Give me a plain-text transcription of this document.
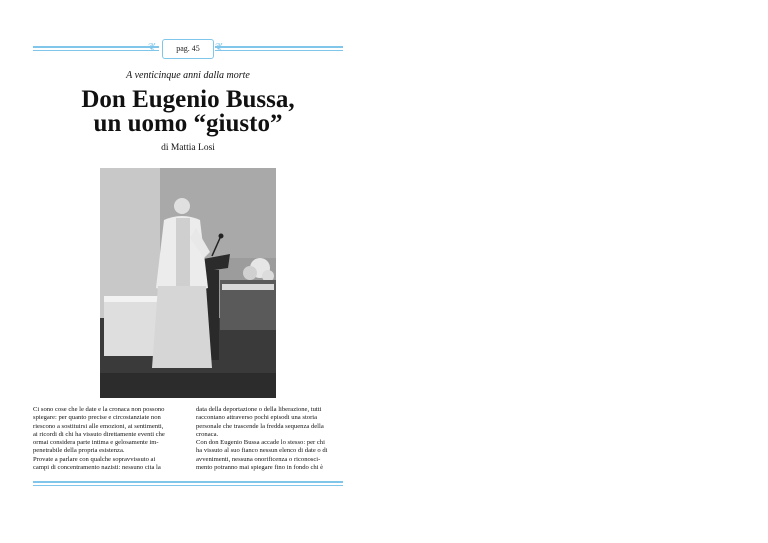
❦	❦
pag. 45
A venticinque anni dalla morte
Don Eugenio Bussa,
un uomo “giusto”
di Mattia Losi

Ci sono cose che le date e la cronaca non possono

spiegare: per quanto precise e circostanziate non

riescono a sostituirsi alle emozioni, ai sentimenti,

ai ricordi di chi ha vissuto direttamente eventi che

ormai considera parte intima e gelosamente im-

penetrabile della propria esistenza.

Provate a parlare con qualche sopravvissuto ai

campi di concentramento nazisti: nessuno cita la

data della deportazione o della liberazione, tutti

raccontano attraverso pochi episodi una storia

personale che trascende la fredda sequenza della

cronaca.

Con don Eugenio Bussa accade lo stesso: per chi

ha vissuto al suo fianco nessun elenco di date o di

avvenimenti, nessuna onorificenza o riconosci-

mento potranno mai spiegare fino in fondo chi è
